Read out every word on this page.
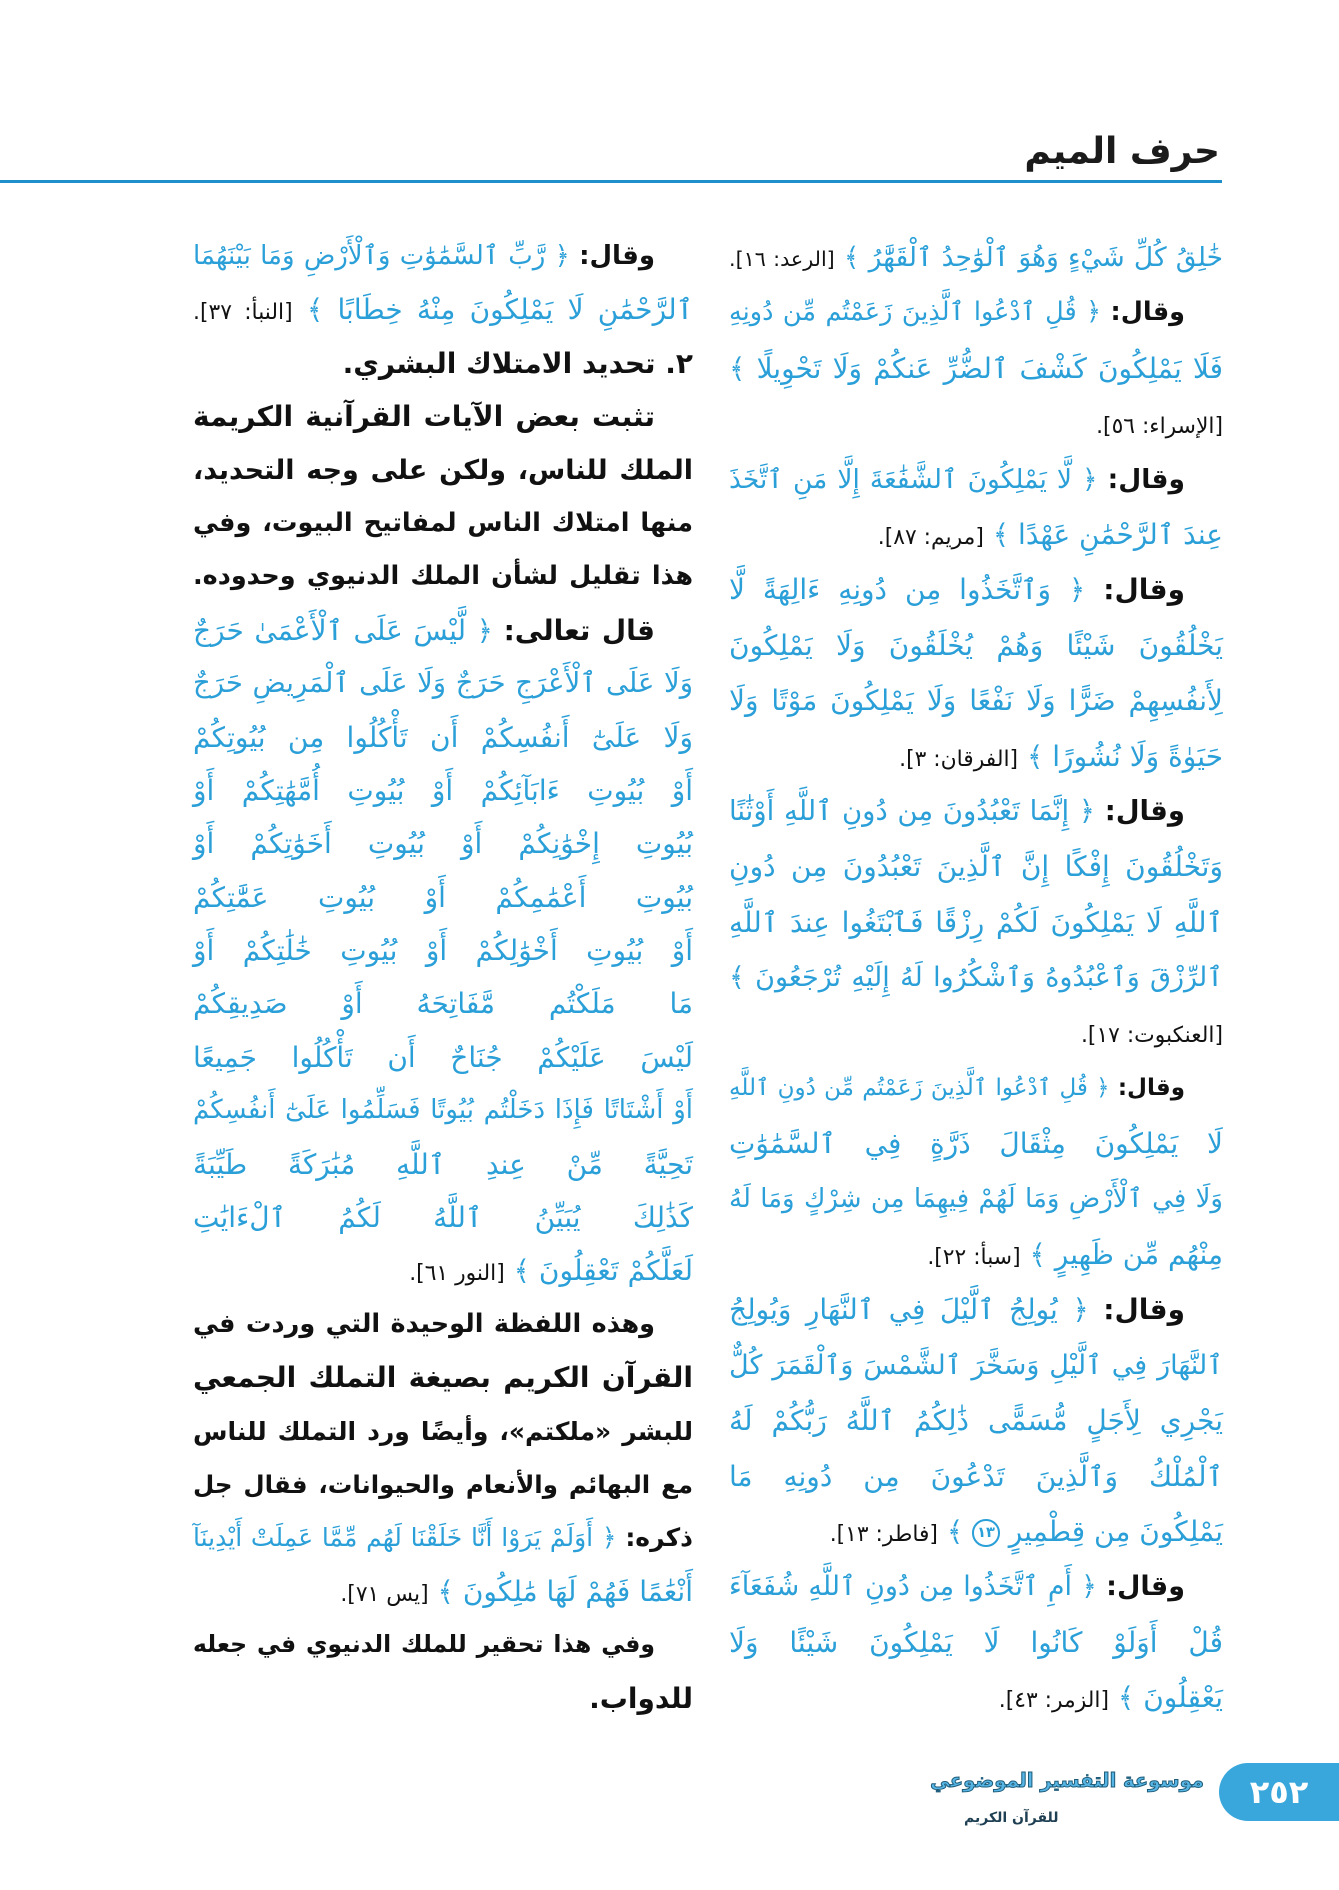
حرف الميم
خَٰلِقُ كُلِّ شَيْءٍ وَهُوَ ٱلْوَٰحِدُ ٱلْقَهَّٰرُ ﴾ [الرعد: ١٦].
وقال: ﴿ قُلِ ٱدْعُوا ٱلَّذِينَ زَعَمْتُم مِّن دُونِهِ
فَلَا يَمْلِكُونَ كَشْفَ ٱلضُّرِّ عَنكُمْ وَلَا تَحْوِيلًا ﴾
[الإسراء: ٥٦].
وقال: ﴿ لَّا يَمْلِكُونَ ٱلشَّفَٰعَةَ إِلَّا مَنِ ٱتَّخَذَ
عِندَ ٱلرَّحْمَٰنِ عَهْدًا ﴾ [مريم: ٨٧].
وقال: ﴿ وَٱتَّخَذُوا مِن دُونِهِ ءَالِهَةً لَّا
يَخْلُقُونَ شَيْئًا وَهُمْ يُخْلَقُونَ وَلَا يَمْلِكُونَ
لِأَنفُسِهِمْ ضَرًّا وَلَا نَفْعًا وَلَا يَمْلِكُونَ مَوْتًا وَلَا
حَيَوٰةً وَلَا نُشُورًا ﴾ [الفرقان: ٣].
وقال: ﴿ إِنَّمَا تَعْبُدُونَ مِن دُونِ ٱللَّهِ أَوْثَٰنًا
وَتَخْلُقُونَ إِفْكًا إِنَّ ٱلَّذِينَ تَعْبُدُونَ مِن دُونِ
ٱللَّهِ لَا يَمْلِكُونَ لَكُمْ رِزْقًا فَٱبْتَغُوا عِندَ ٱللَّهِ
ٱلرِّزْقَ وَٱعْبُدُوهُ وَٱشْكُرُوا لَهُ إِلَيْهِ تُرْجَعُونَ ﴾
[العنكبوت: ١٧].
وقال: ﴿ قُلِ ٱدْعُوا ٱلَّذِينَ زَعَمْتُم مِّن دُونِ ٱللَّهِ
لَا يَمْلِكُونَ مِثْقَالَ ذَرَّةٍ فِي ٱلسَّمَٰوَٰتِ
وَلَا فِي ٱلْأَرْضِ وَمَا لَهُمْ فِيهِمَا مِن شِرْكٍ وَمَا لَهُ
مِنْهُم مِّن ظَهِيرٍ ﴾ [سبأ: ٢٢].
وقال: ﴿ يُولِجُ ٱلَّيْلَ فِي ٱلنَّهَارِ وَيُولِجُ
ٱلنَّهَارَ فِي ٱلَّيْلِ وَسَخَّرَ ٱلشَّمْسَ وَٱلْقَمَرَ كُلٌّ
يَجْرِي لِأَجَلٍ مُّسَمًّى ذَٰلِكُمُ ٱللَّهُ رَبُّكُمْ لَهُ
ٱلْمُلْكُ وَٱلَّذِينَ تَدْعُونَ مِن دُونِهِ مَا
يَمْلِكُونَ مِن قِطْمِيرٍ ١٣ ﴾ [فاطر: ١٣].
وقال: ﴿ أَمِ ٱتَّخَذُوا مِن دُونِ ٱللَّهِ شُفَعَآءَ
قُلْ أَوَلَوْ كَانُوا لَا يَمْلِكُونَ شَيْئًا وَلَا
يَعْقِلُونَ ﴾ [الزمر: ٤٣].
وقال: ﴿ رَّبِّ ٱلسَّمَٰوَٰتِ وَٱلْأَرْضِ وَمَا بَيْنَهُمَا
ٱلرَّحْمَٰنِ لَا يَمْلِكُونَ مِنْهُ خِطَابًا ﴾ [النبأ: ٣٧].
٢. تحديد الامتلاك البشري.
تثبت بعض الآيات القرآنية الكريمة
الملك للناس، ولكن على وجه التحديد،
منها امتلاك الناس لمفاتيح البيوت، وفي
هذا تقليل لشأن الملك الدنيوي وحدوده.
قال تعالى: ﴿ لَّيْسَ عَلَى ٱلْأَعْمَىٰ حَرَجٌ
وَلَا عَلَى ٱلْأَعْرَجِ حَرَجٌ وَلَا عَلَى ٱلْمَرِيضِ حَرَجٌ
وَلَا عَلَىٰٓ أَنفُسِكُمْ أَن تَأْكُلُوا مِن بُيُوتِكُمْ
أَوْ بُيُوتِ ءَابَآئِكُمْ أَوْ بُيُوتِ أُمَّهَٰتِكُمْ أَوْ
بُيُوتِ إِخْوَٰنِكُمْ أَوْ بُيُوتِ أَخَوَٰتِكُمْ أَوْ
بُيُوتِ أَعْمَٰمِكُمْ أَوْ بُيُوتِ عَمَّٰتِكُمْ
أَوْ بُيُوتِ أَخْوَٰلِكُمْ أَوْ بُيُوتِ خَٰلَٰتِكُمْ أَوْ
مَا مَلَكْتُم مَّفَاتِحَهُ أَوْ صَدِيقِكُمْ
لَيْسَ عَلَيْكُمْ جُنَاحٌ أَن تَأْكُلُوا جَمِيعًا
أَوْ أَشْتَاتًا فَإِذَا دَخَلْتُم بُيُوتًا فَسَلِّمُوا عَلَىٰٓ أَنفُسِكُمْ
تَحِيَّةً مِّنْ عِندِ ٱللَّهِ مُبَٰرَكَةً طَيِّبَةً
كَذَٰلِكَ يُبَيِّنُ ٱللَّهُ لَكُمُ ٱلْءَايَٰتِ
لَعَلَّكُمْ تَعْقِلُونَ ﴾ [النور ٦١].
وهذه اللفظة الوحيدة التي وردت في
القرآن الكريم بصيغة التملك الجمعي
للبشر «ملكتم»، وأيضًا ورد التملك للناس
مع البهائم والأنعام والحيوانات، فقال جل
ذكره: ﴿ أَوَلَمْ يَرَوْا أَنَّا خَلَقْنَا لَهُم مِّمَّا عَمِلَتْ أَيْدِينَآ
أَنْعَٰمًا فَهُمْ لَهَا مَٰلِكُونَ ﴾ [يس ٧١].
وفي هذا تحقير للملك الدنيوي في جعله
للدواب.
موسوعة التفسير الموضوعي
للقرآن الكريم
٢٥٢
